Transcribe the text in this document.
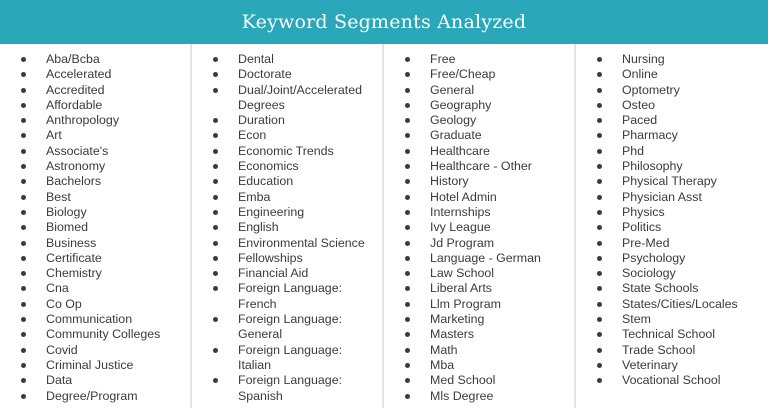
Keyword Segments Analyzed
Aba/Bcba
Accelerated
Accredited
Affordable
Anthropology
Art
Associate's
Astronomy
Bachelors
Best
Biology
Biomed
Business
Certificate
Chemistry
Cna
Co Op
Communication
Community Colleges
Covid
Criminal Justice
Data
Degree/Program
Dental
Doctorate
Dual/Joint/Accelerated
Degrees
Duration
Econ
Economic Trends
Economics
Education
Emba
Engineering
English
Environmental Science
Fellowships
Financial Aid
Foreign Language:
French
Foreign Language:
General
Foreign Language:
Italian
Foreign Language:
Spanish
Free
Free/Cheap
General
Geography
Geology
Graduate
Healthcare
Healthcare - Other
History
Hotel Admin
Internships
Ivy League
Jd Program
Language - German
Law School
Liberal Arts
Llm Program
Marketing
Masters
Math
Mba
Med School
Mls Degree
Nursing
Online
Optometry
Osteo
Paced
Pharmacy
Phd
Philosophy
Physical Therapy
Physician Asst
Physics
Politics
Pre-Med
Psychology
Sociology
State Schools
States/Cities/Locales
Stem
Technical School
Trade School
Veterinary
Vocational School
